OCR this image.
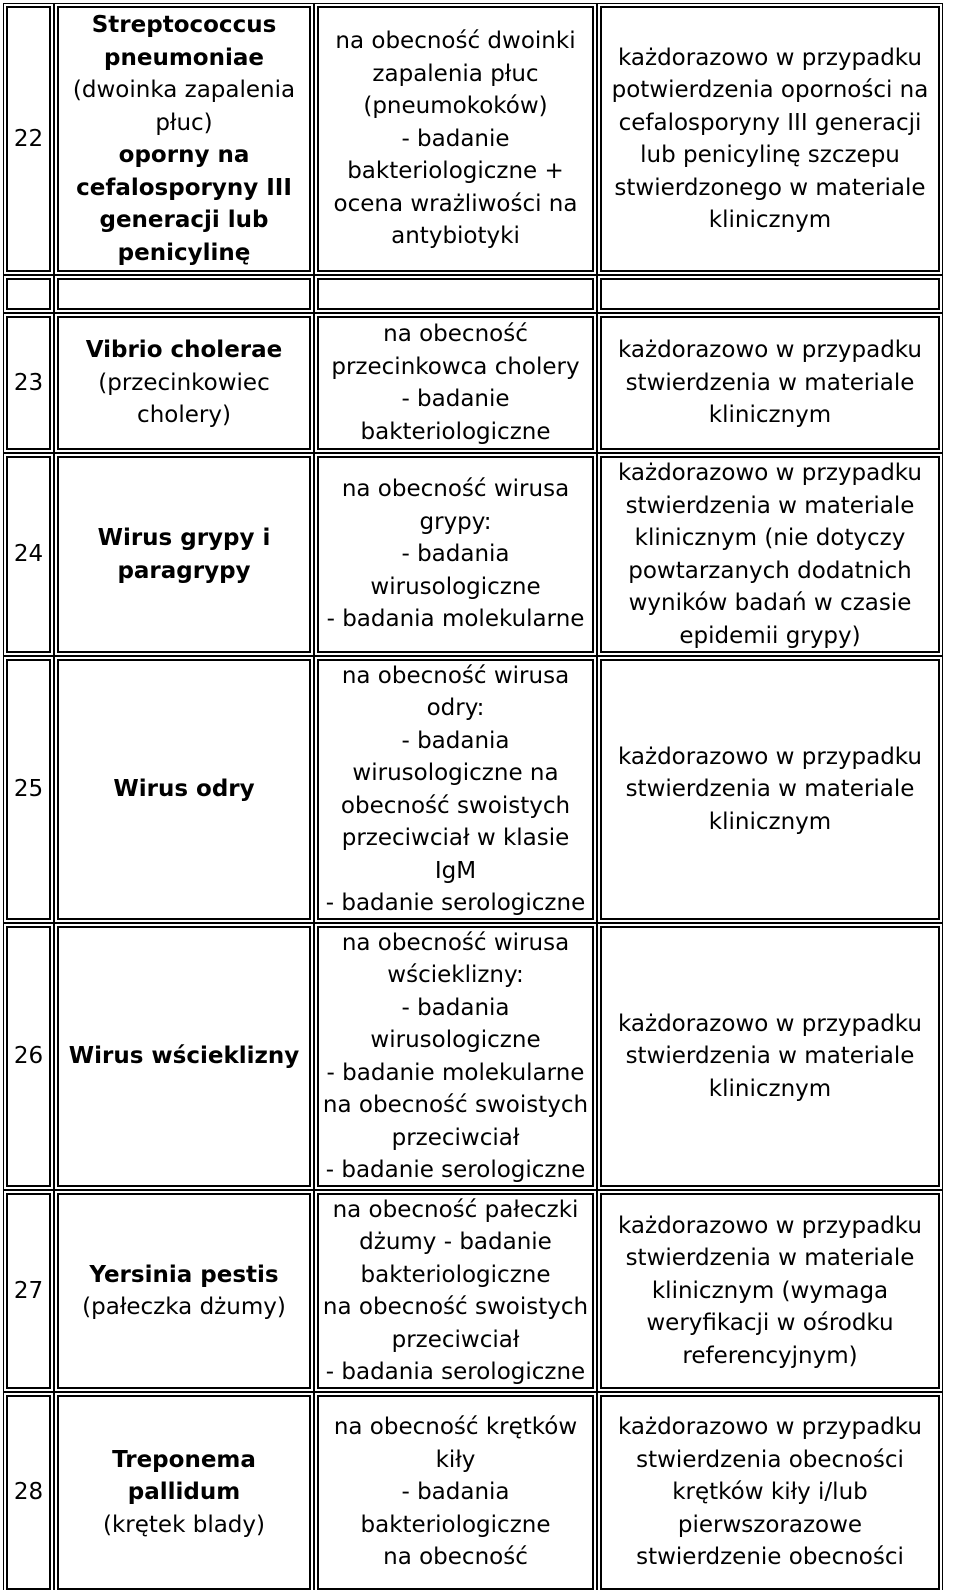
22
Streptococcus
pneumoniae
(dwoinka zapalenia
płuc)
oporny na
cefalosporyny III
generacji lub
penicylinę
na obecność dwoinki
zapalenia płuc
(pneumokoków)
- badanie
bakteriologiczne +
ocena wrażliwości na
antybiotyki
każdorazowo w przypadku
potwierdzenia oporności na
cefalosporyny III generacji
lub penicylinę szczepu
stwierdzonego w materiale
klinicznym
23
Vibrio cholerae
(przecinkowiec
cholery)
na obecność
przecinkowca cholery
- badanie
bakteriologiczne
każdorazowo w przypadku
stwierdzenia w materiale
klinicznym
24
Wirus grypy i
paragrypy
na obecność wirusa
grypy:
- badania
wirusologiczne
- badania molekularne
każdorazowo w przypadku
stwierdzenia w materiale
klinicznym (nie dotyczy
powtarzanych dodatnich
wyników badań w czasie
epidemii grypy)
25	Wirus odry
na obecność wirusa
odry:
- badania
wirusologiczne na
obecność swoistych
przeciwciał w klasie
IgM
- badanie serologiczne
każdorazowo w przypadku
stwierdzenia w materiale
klinicznym
26 Wirus wścieklizny
na obecność wirusa
wścieklizny:
- badania
wirusologiczne
- badanie molekularne
na obecność swoistych
przeciwciał
- badanie serologiczne
każdorazowo w przypadku
stwierdzenia w materiale
klinicznym
27
Yersinia pestis
(pałeczka dżumy)
na obecność pałeczki
dżumy - badanie
bakteriologiczne
na obecność swoistych
przeciwciał
- badania serologiczne
każdorazowo w przypadku
stwierdzenia w materiale
klinicznym (wymaga
weryfikacji w ośrodku
referencyjnym)
28
Treponema
pallidum
(krętek blady)
na obecność krętków
kiły
- badania
bakteriologiczne
na obecność
każdorazowo w przypadku
stwierdzenia obecności
krętków kiły i/lub
pierwszorazowe
stwierdzenie obecności
